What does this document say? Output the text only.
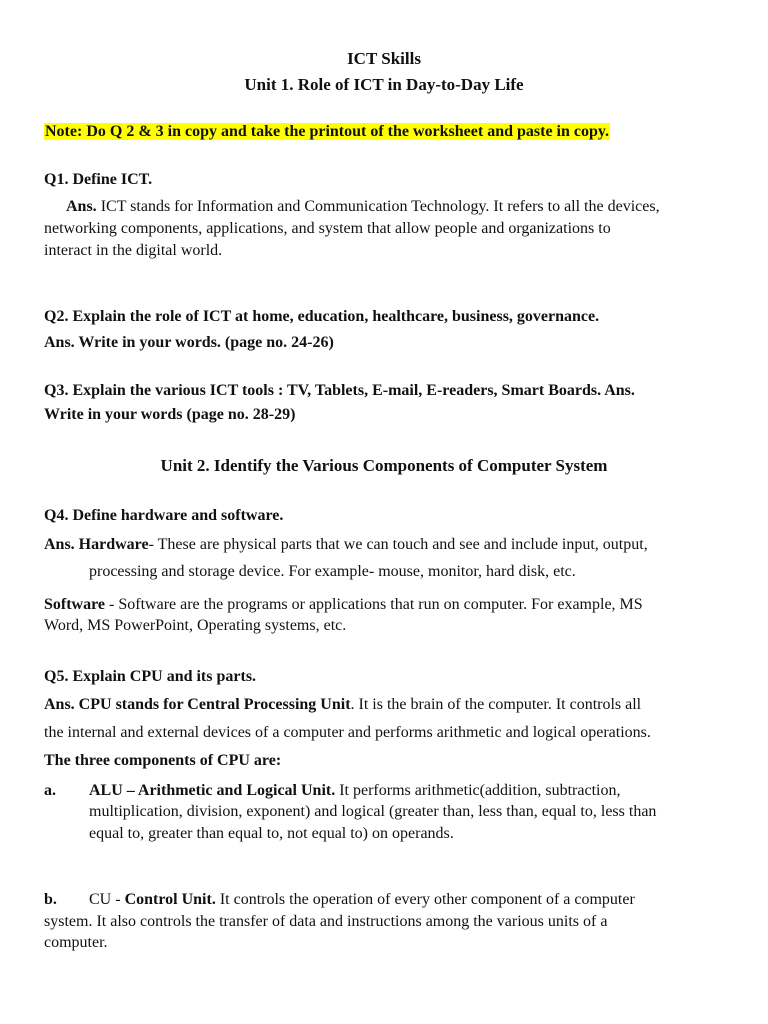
ICT Skills
Unit 1. Role of ICT in Day-to-Day Life
Note: Do Q 2 & 3 in copy and take the printout of the worksheet and paste in copy.
Q1. Define ICT.
Ans. ICT stands for Information and Communication Technology. It refers to all the devices,
networking components, applications, and system that allow people and organizations to
interact in the digital world.
Q2. Explain the role of ICT at home, education, healthcare, business, governance.
Ans. Write in your words. (page no. 24-26)
Q3. Explain the various ICT tools : TV, Tablets, E-mail, E-readers, Smart Boards. Ans.
Write in your words (page no. 28-29)
Unit 2. Identify the Various Components of Computer System
Q4. Define hardware and software.
Ans. Hardware- These are physical parts that we can touch and see and include input, output,
processing and storage device. For example- mouse, monitor, hard disk, etc.
Software - Software are the programs or applications that run on computer. For example, MS
Word, MS PowerPoint, Operating systems, etc.
Q5. Explain CPU and its parts.
Ans. CPU stands for Central Processing Unit. It is the brain of the computer. It controls all
the internal and external devices of a computer and performs arithmetic and logical operations.
The three components of CPU are:
a. ALU – Arithmetic and Logical Unit. It performs arithmetic(addition, subtraction,
multiplication, division, exponent) and logical (greater than, less than, equal to, less than
equal to, greater than equal to, not equal to) on operands.
b. CU - Control Unit. It controls the operation of every other component of a computer
system. It also controls the transfer of data and instructions among the various units of a
computer.
